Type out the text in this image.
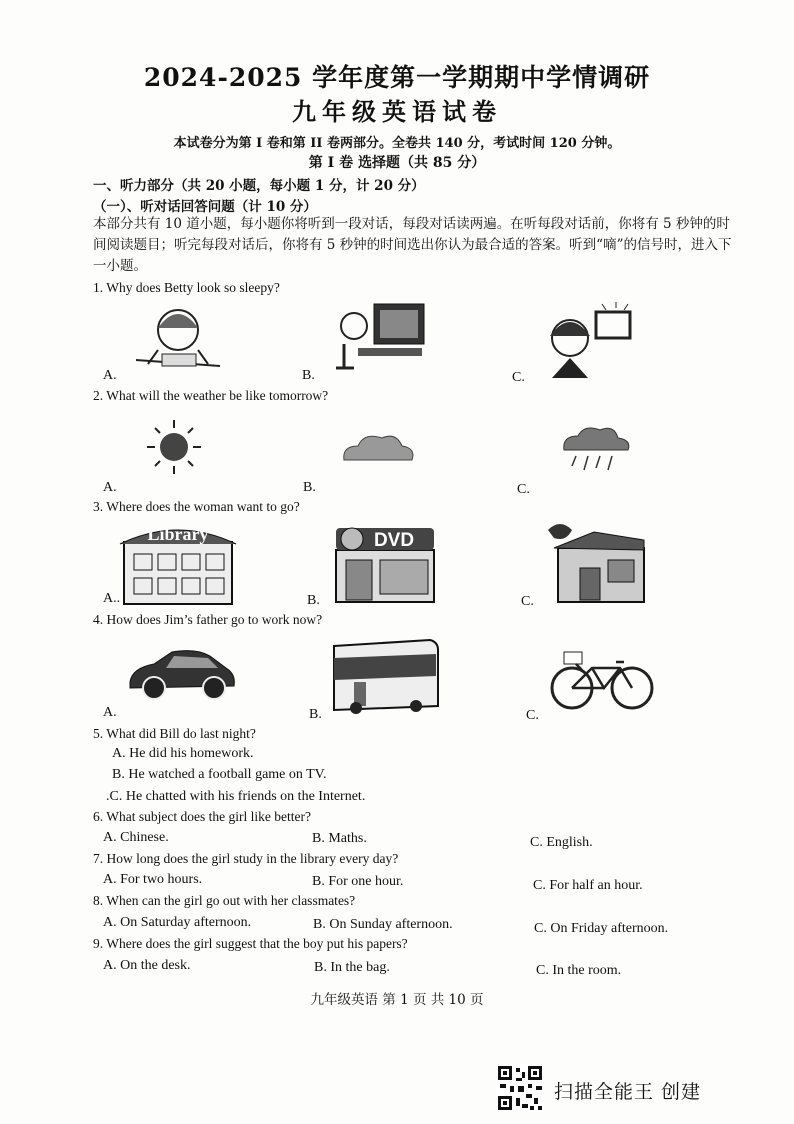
2024-2025 学年度第一学期期中学情调研
九年级英语试卷
本试卷分为第 I 卷和第 II 卷两部分。全卷共 140 分，考试时间 120 分钟。
第 I 卷 选择题（共 85 分）
一、听力部分（共 20 小题，每小题 1 分，计 20 分）
（一）、听对话回答问题（计 10 分）
本部分共有 10 道小题，每小题你将听到一段对话，每段对话读两遍。在听每段对话前，你将有 5 秒钟的时间阅读题目；听完每段对话后，你将有 5 秒钟的时间选出你认为最合适的答案。听到“嘀”的信号时，进入下一小题。
1. Why does Betty look so sleepy?
A.	B.	C.
2. What will the weather be like tomorrow?
A.	B.	C.
3. Where does the woman want to go?
Library
A..
DVD
B.	C.
4. How does Jim’s father go to work now?
A.	B.	C.
5. What did Bill do last night?
A. He did his homework.
B. He watched a football game on TV.
.C. He chatted with his friends on the Internet.
6. What subject does the girl like better?
A. Chinese.	B. Maths.	C. English.
7. How long does the girl study in the library every day?
A. For two hours.	B. For one hour.	C. For half an hour.
8. When can the girl go out with her classmates?
A. On Saturday afternoon.	B. On Sunday afternoon.	C. On Friday afternoon.
9. Where does the girl suggest that the boy put his papers?
A. On the desk.	B. In the bag.	C. In the room.
九年级英语 第 1 页 共 10 页
扫描全能王 创建
